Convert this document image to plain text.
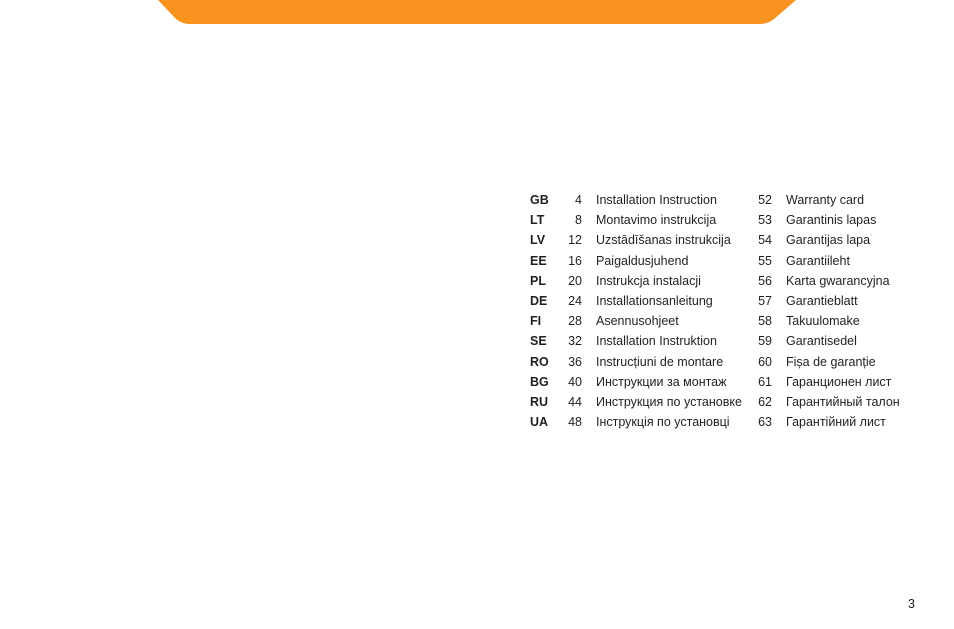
GB	4	Installation Instruction	52	Warranty card
LT	8	Montavimo instrukcija	53	Garantinis lapas
LV	12	Uzstādīšanas instrukcija	54	Garantijas lapa
EE	16	Paigaldusjuhend	55	Garantiileht
PL	20	Instrukcja instalacji	56	Karta gwarancyjna
DE	24	Installationsanleitung	57	Garantieblatt
FI	28	Asennusohjeet	58	Takuulomake
SE	32	Installation Instruktion	59	Garantisedel
RO	36	Instrucțiuni de montare	60	Fișa de garanție
BG	40	Инструкции за монтаж	61	Гаранционен лист
RU	44	Инструкция по установке	62	Гарантийный талон
UA	48	Інструкція по установці	63	Гарантійний лист
3
